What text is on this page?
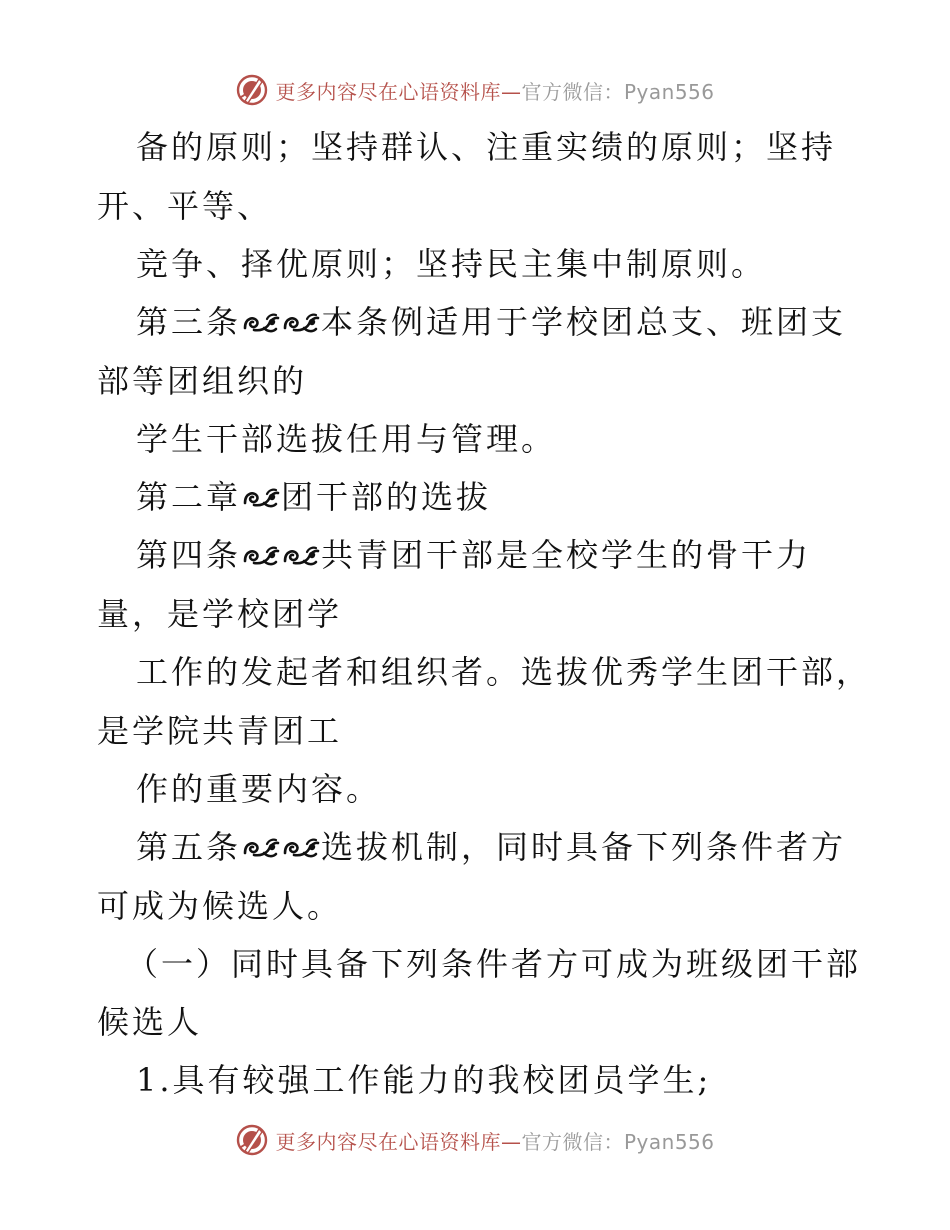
更多内容尽在心语资料库—官方微信：Pyan556
备的原则；坚持群认、注重实绩的原则；坚持
开、平等、
竞争、择优原则；坚持民主集中制原则。
第三条	本条例适用于学校团总支、班团支
部等团组织的
学生干部选拔任用与管理。
第二章 团干部的选拔
第四条	共青团干部是全校学生的骨干力
量，是学校团学
工作的发起者和组织者。选拔优秀学生团干部，
是学院共青团工
作的重要内容。
第五条	选拔机制，同时具备下列条件者方
可成为候选人。
（一）同时具备下列条件者方可成为班级团干部
候选人
1.具有较强工作能力的我校团员学生;
更多内容尽在心语资料库—官方微信：Pyan556
